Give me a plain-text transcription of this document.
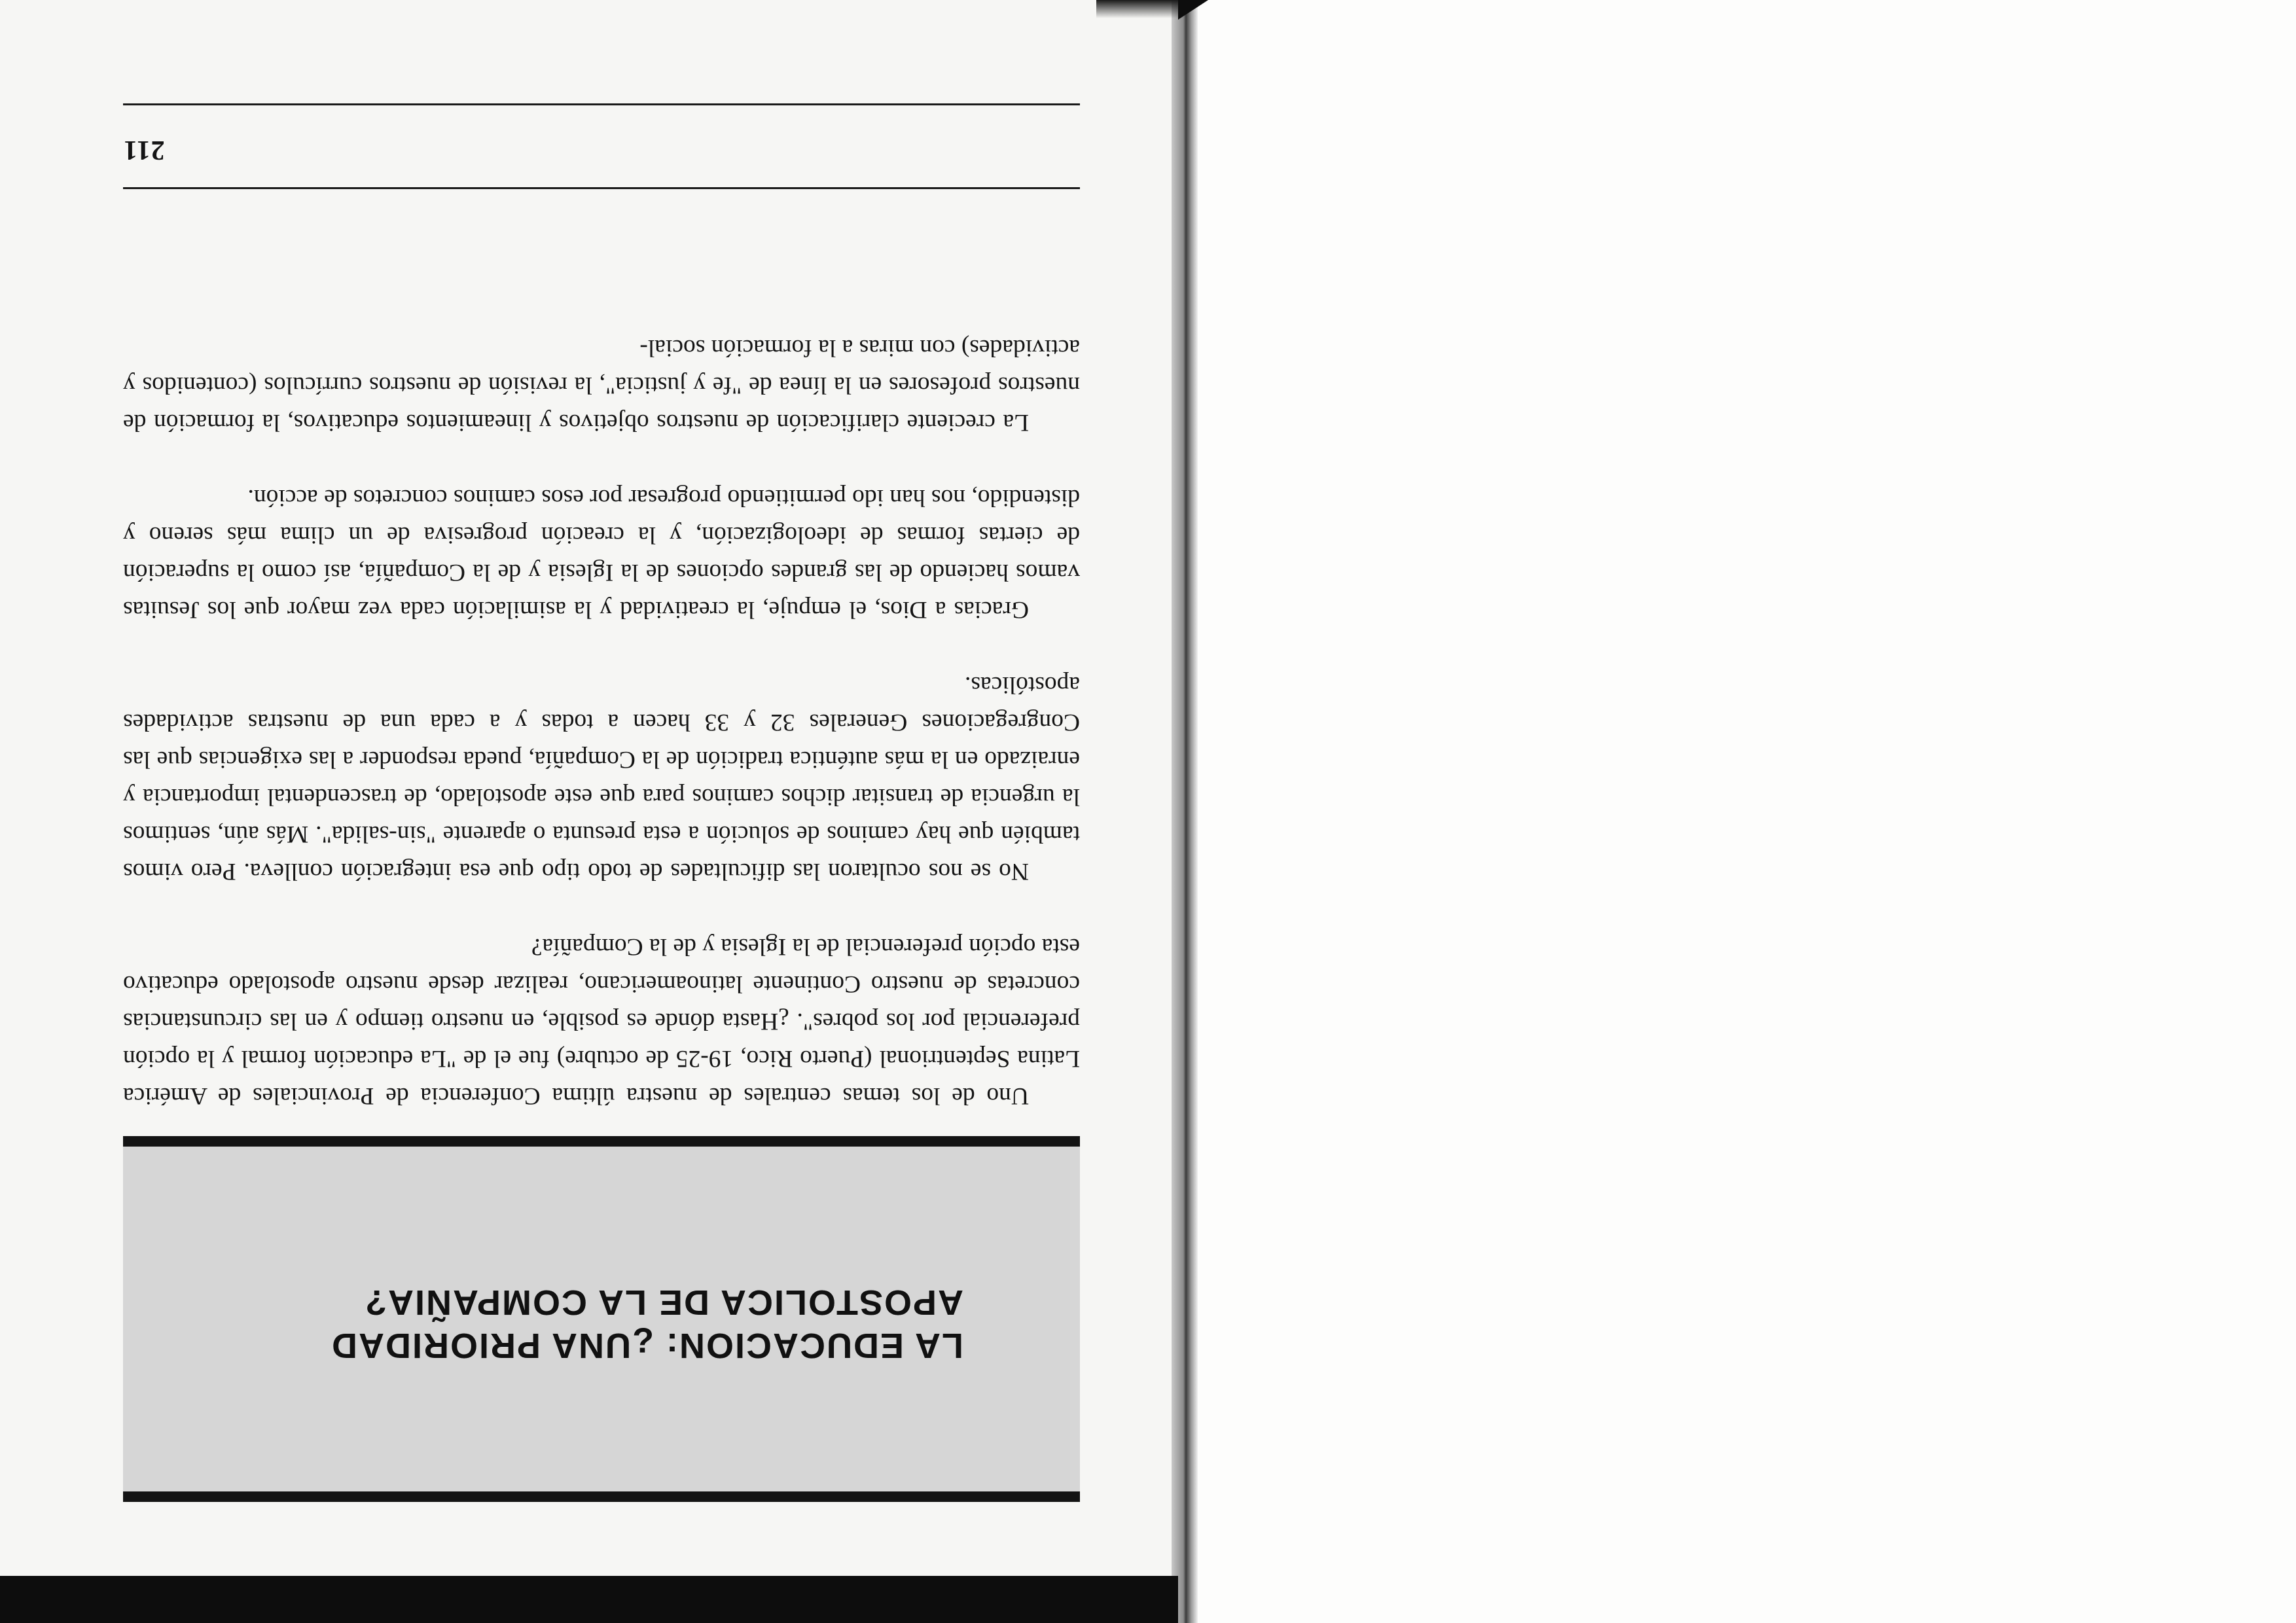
LA EDUCACION: ¿UNA PRIORIDAD
APOSTOLICA DE LA COMPAÑIA?

Uno de los temas centrales de nuestra última Conferencia de Provinciales de América Latina Septentrional (Puerto Rico, 19-25 de octubre) fue el de "La educación formal y la opción preferencial por los pobres". ¿Hasta dónde es posible, en nuestro tiempo y en las circunstancias concretas de nuestro Continente latinoamericano, realizar desde nuestro apostolado educativo esta opción preferencial de la Iglesia y de la Compañía?

No se nos ocultaron las dificultades de todo tipo que esa integración conlleva. Pero vimos también que hay caminos de solución a esta presunta o aparente "sin-salida". Más aún, sentimos la urgencia de transitar dichos caminos para que este apostolado, de trascendental importancia y enraizado en la más auténtica tradición de la Compañía, pueda responder a las exigencias que las Congregaciones Generales 32 y 33 hacen a todas y a cada una de nuestras actividades apostólicas.

Gracias a Dios, el empuje, la creatividad y la asimilación cada vez mayor que los Jesuitas vamos haciendo de las grandes opciones de la Iglesia y de la Compañía, así como la superación de ciertas formas de ideologización, y la creación progresiva de un clima más sereno y distendido, nos han ido permitiendo progresar por esos caminos concretos de acción.

La creciente clarificación de nuestros objetivos y lineamientos educativos, la formación de nuestros profesores en la línea de "fe y justicia", la revisión de nuestros currículos (contenidos y actividades) con miras a la formación social-

211
